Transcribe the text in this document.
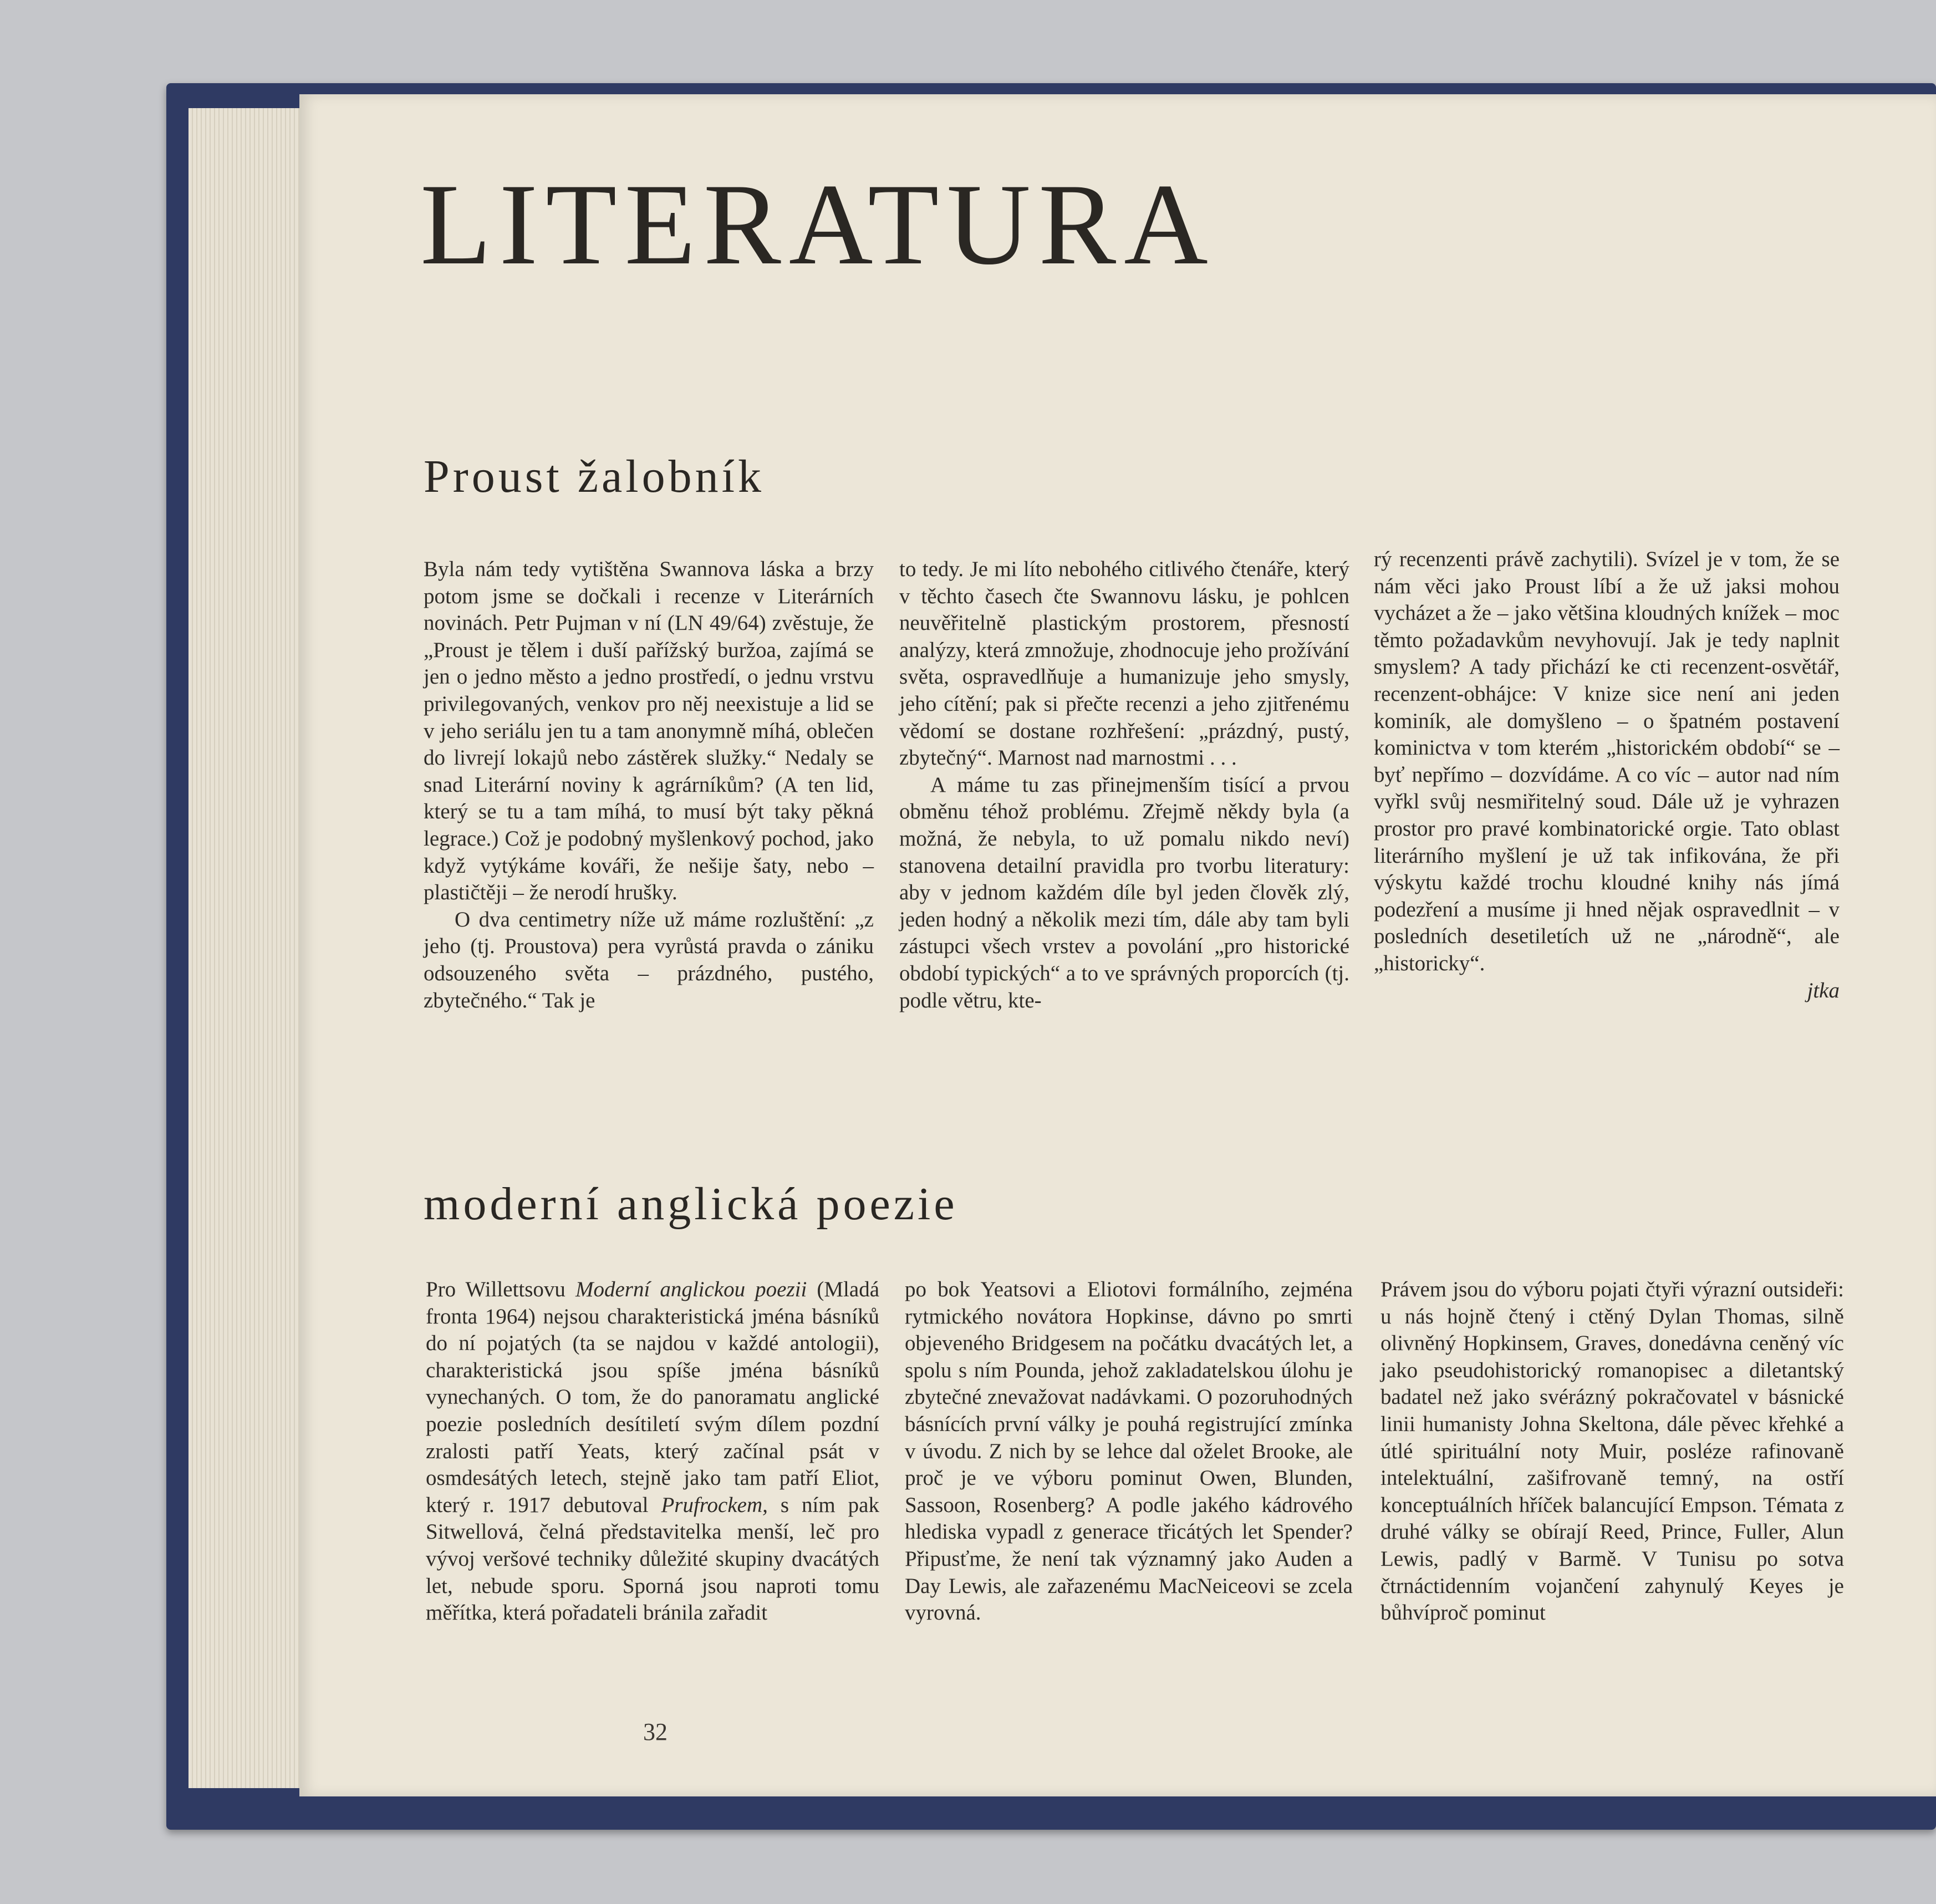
LITERATURA
Proust žalobník

Byla nám tedy vytištěna Swannova láska a brzy potom jsme se dočkali i recenze v Literárních novinách. Petr Pujman v ní (LN 49/64) zvěstuje, že „Proust je tělem i duší pařížský buržoa, zajímá se jen o jedno město a jedno prostředí, o jednu vrstvu privilegovaných, venkov pro něj neexistuje a lid se v jeho seriálu jen tu a tam anonymně míhá, oblečen do livrejí lokajů nebo zástěrek služky.“ Nedaly se snad Literární noviny k agrárníkům? (A ten lid, který se tu a tam míhá, to musí být taky pěkná legrace.) Což je podobný myšlenkový pochod, jako když vytýkáme kováři, že nešije šaty, nebo – plastičtěji – že nerodí hrušky.

O dva centimetry níže už máme rozluštění: „z jeho (tj. Proustova) pera vyrůstá pravda o zániku odsouzeného světa – prázdného, pustého, zbytečného.“ Tak je

to tedy. Je mi líto nebohého citlivého čtenáře, který v těchto časech čte Swannovu lásku, je pohlcen neuvěřitelně plastickým prostorem, přesností analýzy, která zmnožuje, zhodnocuje jeho prožívání světa, ospravedlňuje a humanizuje jeho smysly, jeho cítění; pak si přečte recenzi a jeho zjitřenému vědomí se dostane rozhřešení: „prázdný, pustý, zbytečný“. Marnost nad marnostmi . . .

A máme tu zas přinejmenším tisící a prvou obměnu téhož problému. Zřejmě někdy byla (a možná, že nebyla, to už pomalu nikdo neví) stanovena detailní pravidla pro tvorbu literatury: aby v jednom každém díle byl jeden člověk zlý, jeden hodný a několik mezi tím, dále aby tam byli zástupci všech vrstev a povolání „pro historické období typických“ a to ve správných proporcích (tj. podle větru, kte-

rý recenzenti právě zachytili). Svízel je v tom, že se nám věci jako Proust líbí a že už jaksi mohou vycházet a že – jako většina kloudných knížek – moc těmto požadavkům nevyhovují. Jak je tedy naplnit smyslem? A tady přichází ke cti recenzent-osvětář, recenzent-obhájce: V knize sice není ani jeden kominík, ale domyšleno – o špatném postavení kominictva v tom kterém „historickém období“ se – byť nepřímo – dozvídáme. A co víc – autor nad ním vyřkl svůj nesmiřitelný soud. Dále už je vyhrazen prostor pro pravé kombinatorické orgie. Tato oblast literárního myšlení je už tak infikována, že při výskytu každé trochu kloudné knihy nás jímá podezření a musíme ji hned nějak ospravedlnit – v posledních desetiletích už ne „národně“, ale „historicky“.

jtka

moderní anglická poezie

Pro Willettsovu Moderní anglickou poezii (Mladá fronta 1964) nejsou charakteristická jména básníků do ní pojatých (ta se najdou v každé antologii), charakteristická jsou spíše jména básníků vynechaných. O tom, že do panoramatu anglické poezie posledních desítiletí svým dílem pozdní zralosti patří Yeats, který začínal psát v osmdesátých letech, stejně jako tam patří Eliot, který r. 1917 debutoval Prufrockem, s ním pak Sitwellová, čelná představitelka menší, leč pro vývoj veršové techniky důležité skupiny dvacátých let, nebude sporu. Sporná jsou naproti tomu měřítka, která pořadateli bránila zařadit

po bok Yeatsovi a Eliotovi formálního, zejména rytmického novátora Hopkinse, dávno po smrti objeveného Bridgesem na počátku dvacátých let, a spolu s ním Pounda, jehož zakladatelskou úlohu je zbytečné znevažovat nadávkami. O pozoruhodných básnících první války je pouhá registrující zmínka v úvodu. Z nich by se lehce dal oželet Brooke, ale proč je ve výboru pominut Owen, Blunden, Sassoon, Rosenberg? A podle jakého kádrového hlediska vypadl z generace třicátých let Spender? Připusťme, že není tak významný jako Auden a Day Lewis, ale zařazenému MacNeiceovi se zcela vyrovná.

Právem jsou do výboru pojati čtyři výrazní outsideři: u nás hojně čtený i ctěný Dylan Thomas, silně olivněný Hopkinsem, Graves, donedávna ceněný víc jako pseudohistorický romanopisec a diletantský badatel než jako svérázný pokračovatel v básnické linii humanisty Johna Skeltona, dále pěvec křehké a útlé spirituální noty Muir, posléze rafinovaně intelektuální, zašifrovaně temný, na ostří konceptuálních hříček balancující Empson. Témata z druhé války se obírají Reed, Prince, Fuller, Alun Lewis, padlý v Barmě. V Tunisu po sotva čtrnáctidenním vojančení zahynulý Keyes je bůhvíproč pominut

32
